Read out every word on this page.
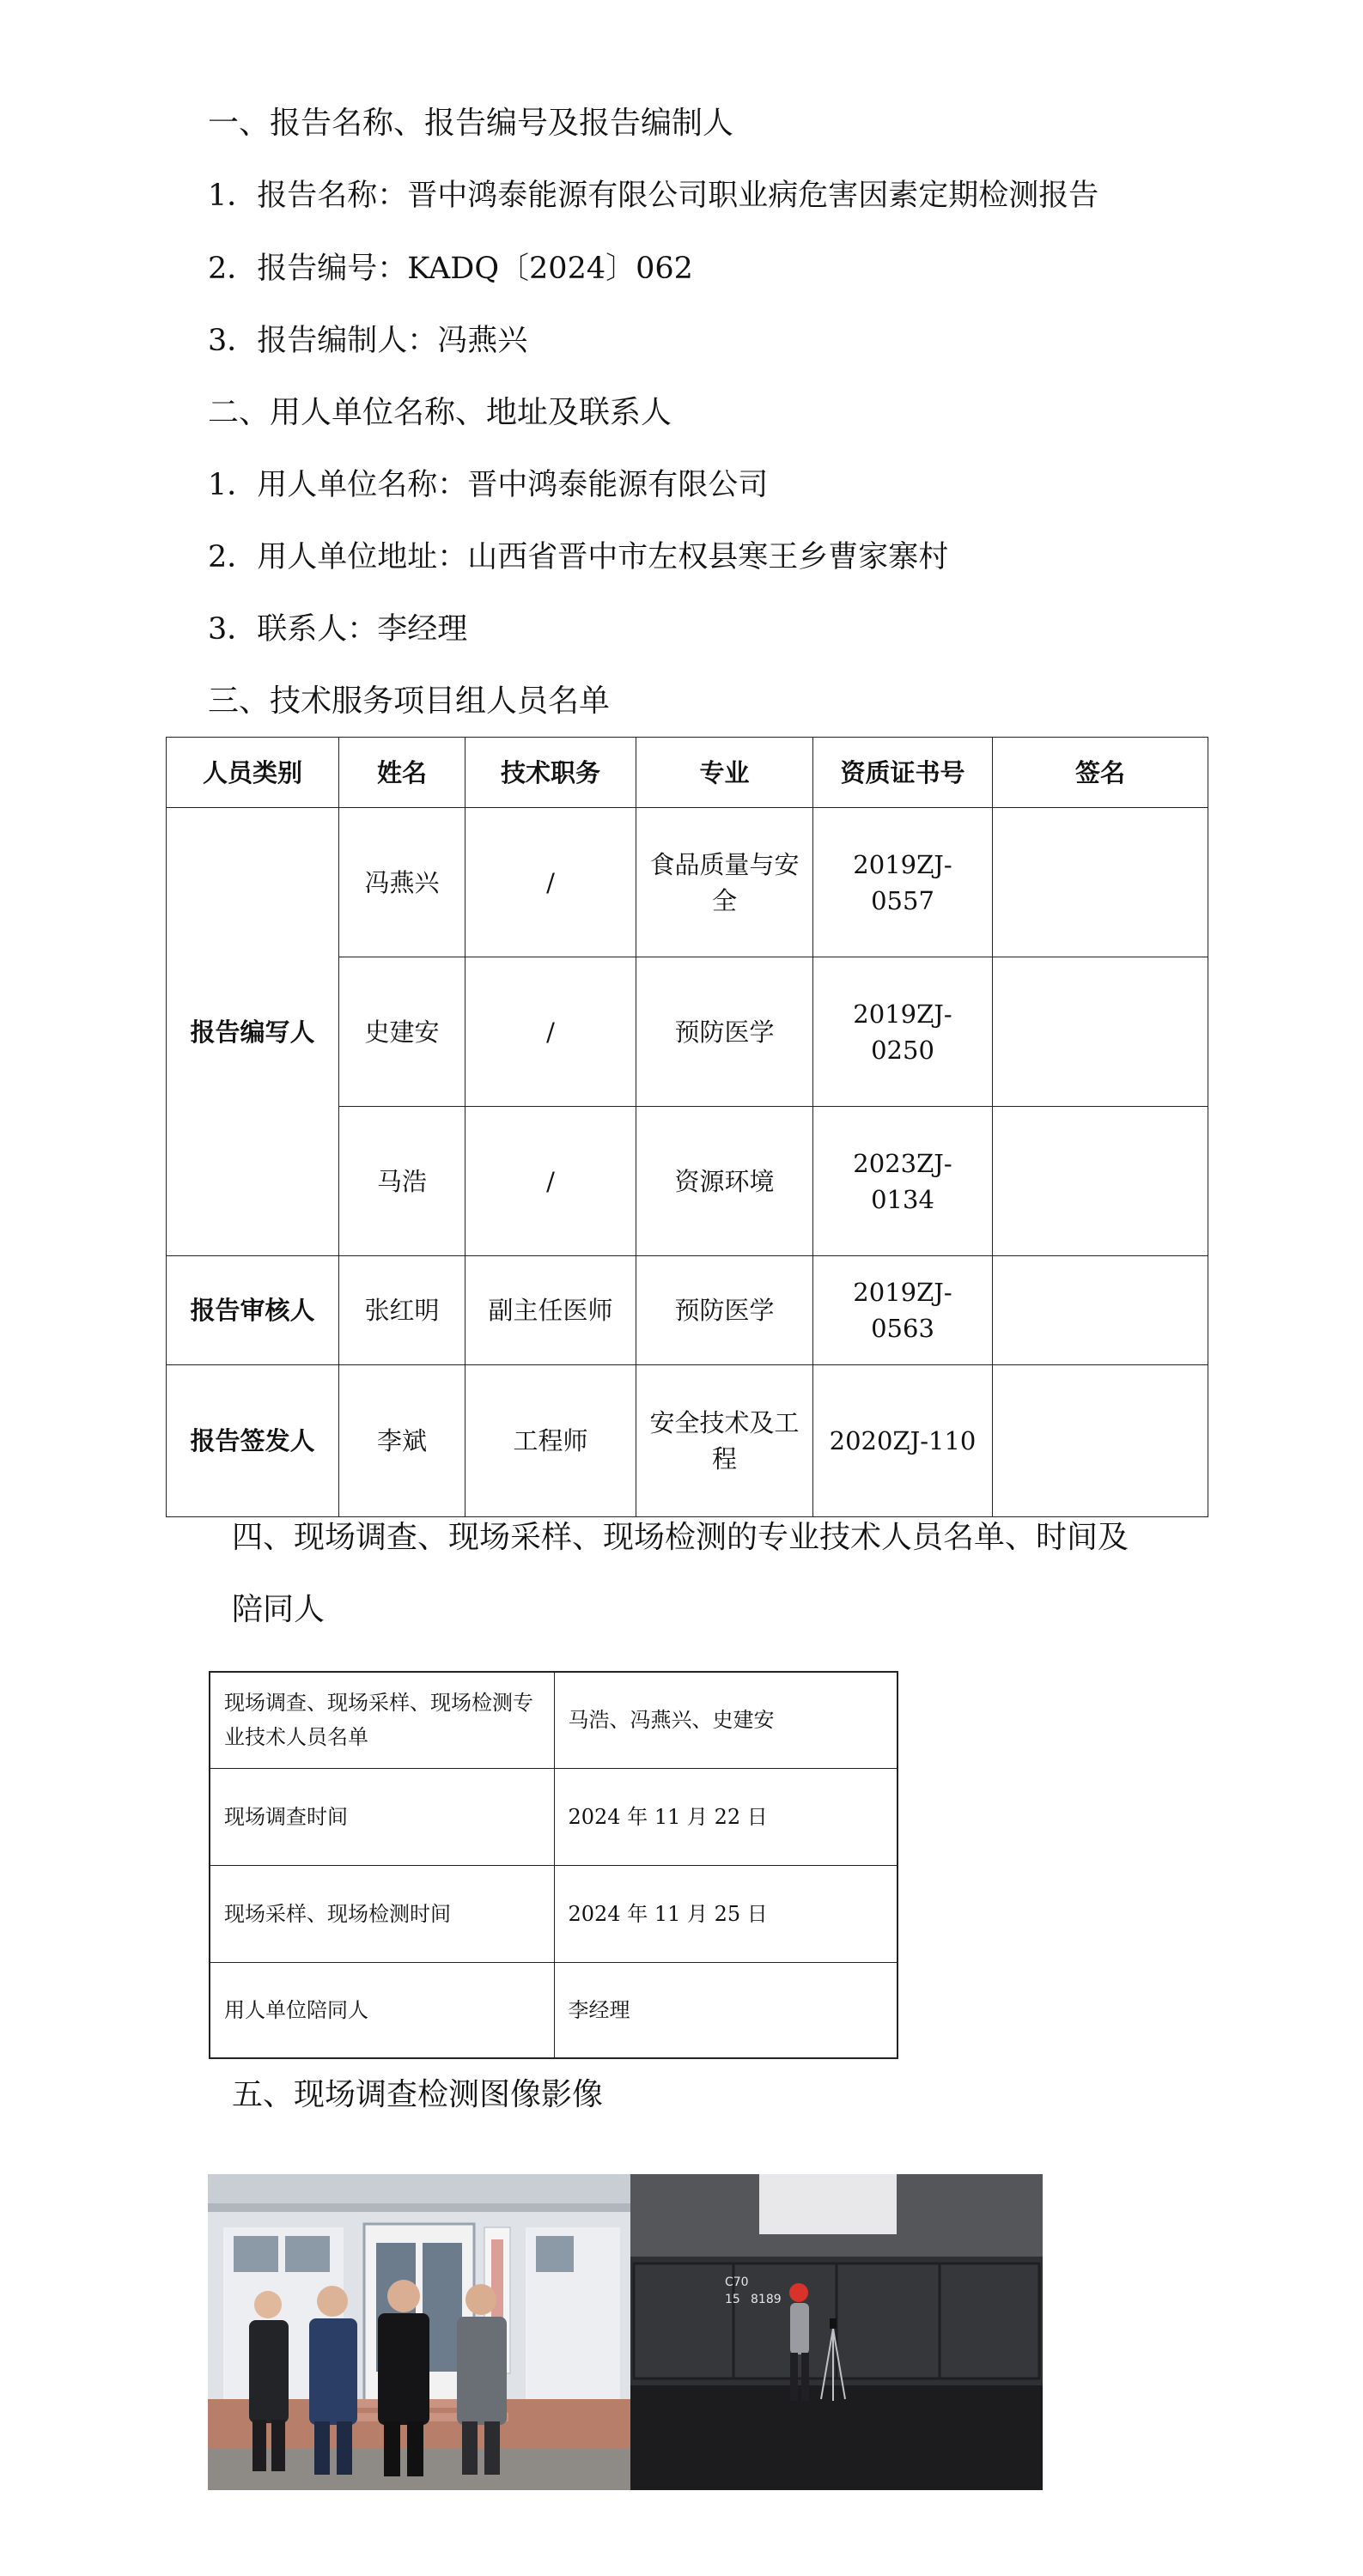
一、报告名称、报告编号及报告编制人
1．报告名称：晋中鸿泰能源有限公司职业病危害因素定期检测报告
2．报告编号：KADQ〔2024〕062
3．报告编制人：冯燕兴
二、用人单位名称、地址及联系人
1．用人单位名称：晋中鸿泰能源有限公司
2．用人单位地址：山西省晋中市左权县寒王乡曹家寨村
3．联系人：李经理
三、技术服务项目组人员名单
人员类别	姓名	技术职务	专业	资质证书号	签名
报告编写人	冯燕兴	/	食品质量与安全	2019ZJ-0557	
	史建安	/	预防医学	2019ZJ-0250	
	马浩	/	资源环境	2023ZJ-0134	
报告审核人	张红明	副主任医师	预防医学	2019ZJ-0563	
报告签发人	李斌	工程师	安全技术及工程	2020ZJ-110	
四、现场调查、现场采样、现场检测的专业技术人员名单、时间及
陪同人
现场调查、现场采样、现场检测专业技术人员名单	马浩、冯燕兴、史建安
现场调查时间	2024 年 11 月 22 日
现场采样、现场检测时间	2024 年 11 月 25 日
用人单位陪同人	李经理
五、现场调查检测图像影像
C70
15 8189
